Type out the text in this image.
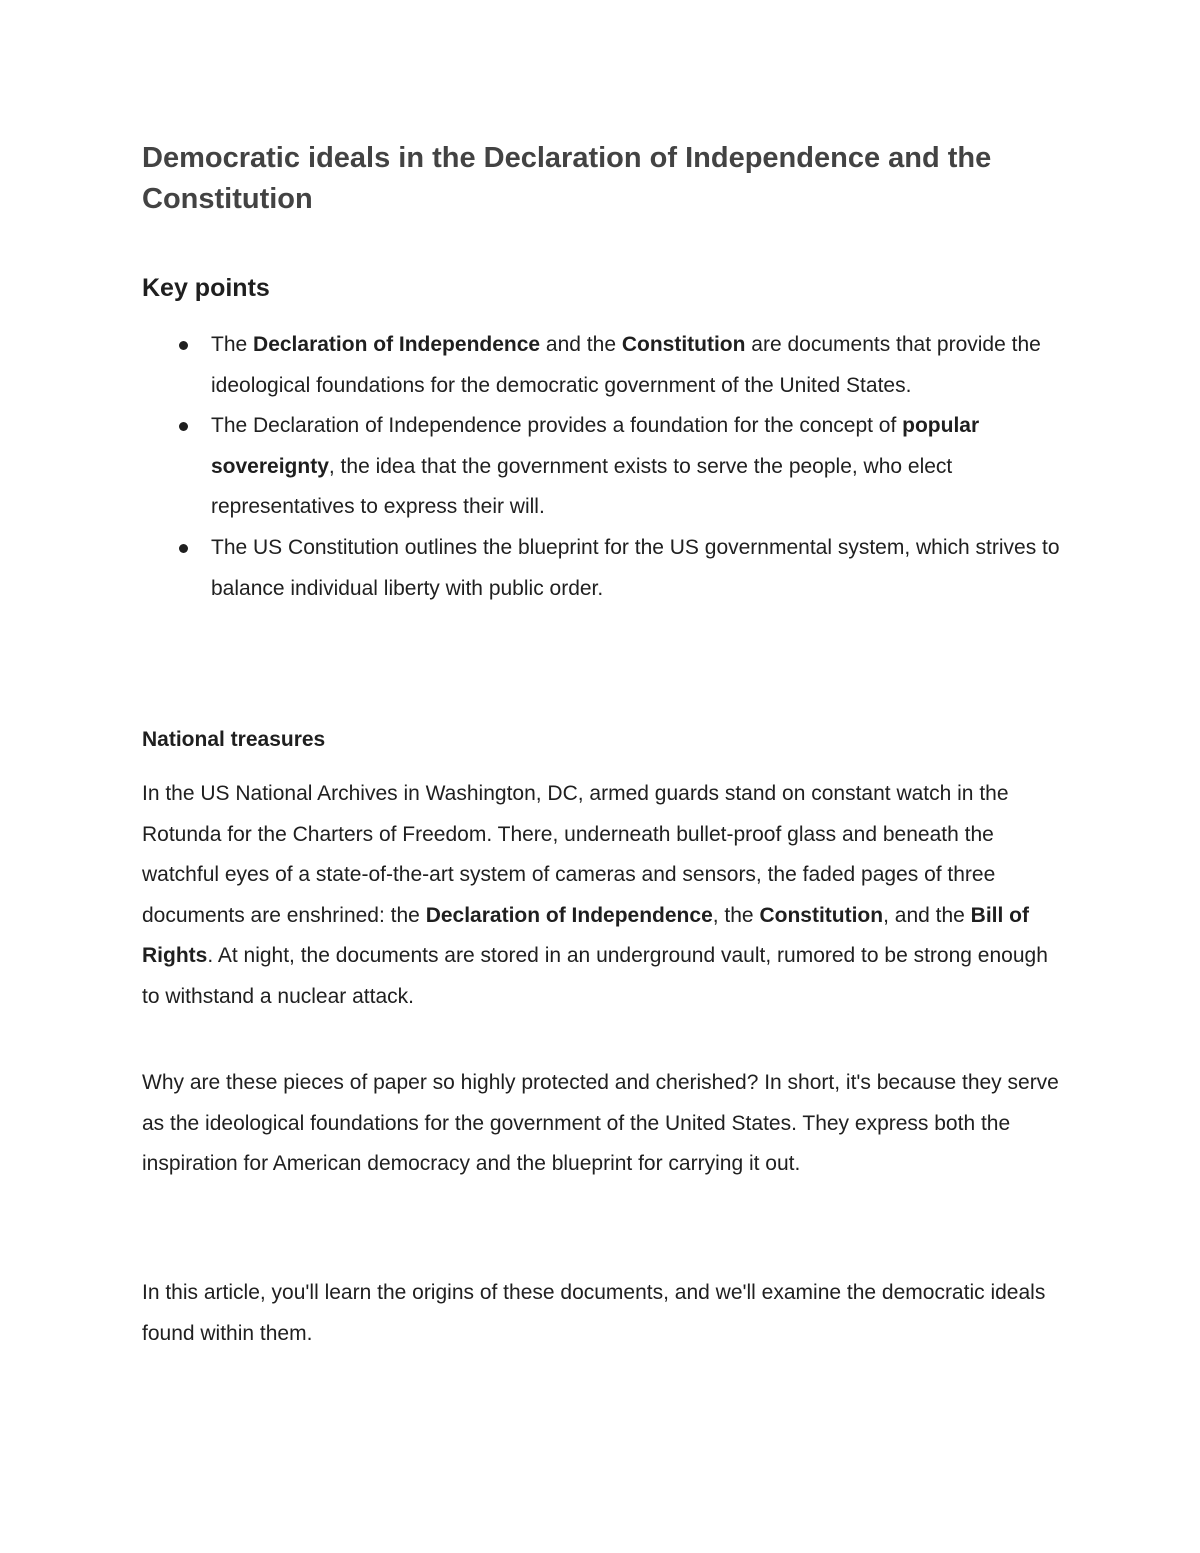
Democratic ideals in the Declaration of Independence and the Constitution
Key points
The Declaration of Independence and the Constitution are documents that provide the ideological foundations for the democratic government of the United States.
The Declaration of Independence provides a foundation for the concept of popular sovereignty, the idea that the government exists to serve the people, who elect representatives to express their will.
The US Constitution outlines the blueprint for the US governmental system, which strives to balance individual liberty with public order.
National treasures

In the US National Archives in Washington, DC, armed guards stand on constant watch in the Rotunda for the Charters of Freedom. There, underneath bullet-proof glass and beneath the watchful eyes of a state-of-the-art system of cameras and sensors, the faded pages of three documents are enshrined: the Declaration of Independence, the Constitution, and the Bill of Rights. At night, the documents are stored in an underground vault, rumored to be strong enough to withstand a nuclear attack.

Why are these pieces of paper so highly protected and cherished? In short, it's because they serve as the ideological foundations for the government of the United States. They express both the inspiration for American democracy and the blueprint for carrying it out.

In this article, you'll learn the origins of these documents, and we'll examine the democratic ideals found within them.
